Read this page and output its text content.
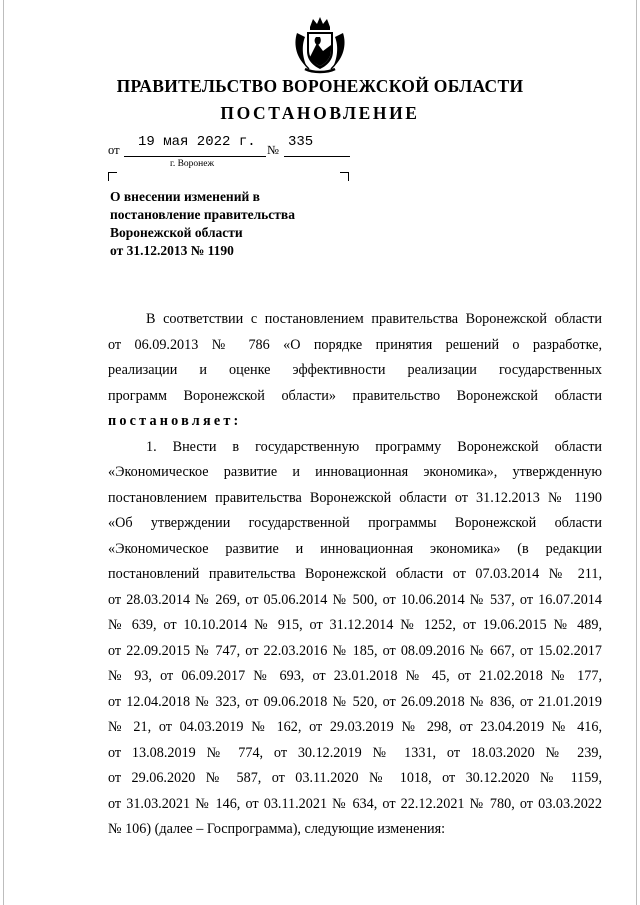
ПРАВИТЕЛЬСТВО ВОРОНЕЖСКОЙ ОБЛАСТИ
ПОСТАНОВЛЕНИЕ
от 19 мая 2022 г. № 335
г. Воронеж
О внесении изменений в
постановление правительства
Воронежской области
от 31.12.2013 № 1190
В соответствии с постановлением правительства Воронежской области
от 06.09.2013 № 786 «О порядке принятия решений о разработке,
реализации и оценке эффективности реализации государственных
программ Воронежской области» правительство Воронежской области
постановляет:
1. Внести в государственную программу Воронежской области
«Экономическое развитие и инновационная экономика», утвержденную
постановлением правительства Воронежской области от 31.12.2013 № 1190
«Об утверждении государственной программы Воронежской области
«Экономическое развитие и инновационная экономика» (в редакции
постановлений правительства Воронежской области от 07.03.2014 № 211,
от 28.03.2014 № 269, от 05.06.2014 № 500, от 10.06.2014 № 537, от 16.07.2014
№ 639, от 10.10.2014 № 915, от 31.12.2014 № 1252, от 19.06.2015 № 489,
от 22.09.2015 № 747, от 22.03.2016 № 185, от 08.09.2016 № 667, от 15.02.2017
№ 93, от 06.09.2017 № 693, от 23.01.2018 № 45, от 21.02.2018 № 177,
от 12.04.2018 № 323, от 09.06.2018 № 520, от 26.09.2018 № 836, от 21.01.2019
№ 21, от 04.03.2019 № 162, от 29.03.2019 № 298, от 23.04.2019 № 416,
от 13.08.2019 № 774, от 30.12.2019 № 1331, от 18.03.2020 № 239,
от 29.06.2020 № 587, от 03.11.2020 № 1018, от 30.12.2020 № 1159,
от 31.03.2021 № 146, от 03.11.2021 № 634, от 22.12.2021 № 780, от 03.03.2022
№ 106) (далее – Госпрограмма), следующие изменения:
